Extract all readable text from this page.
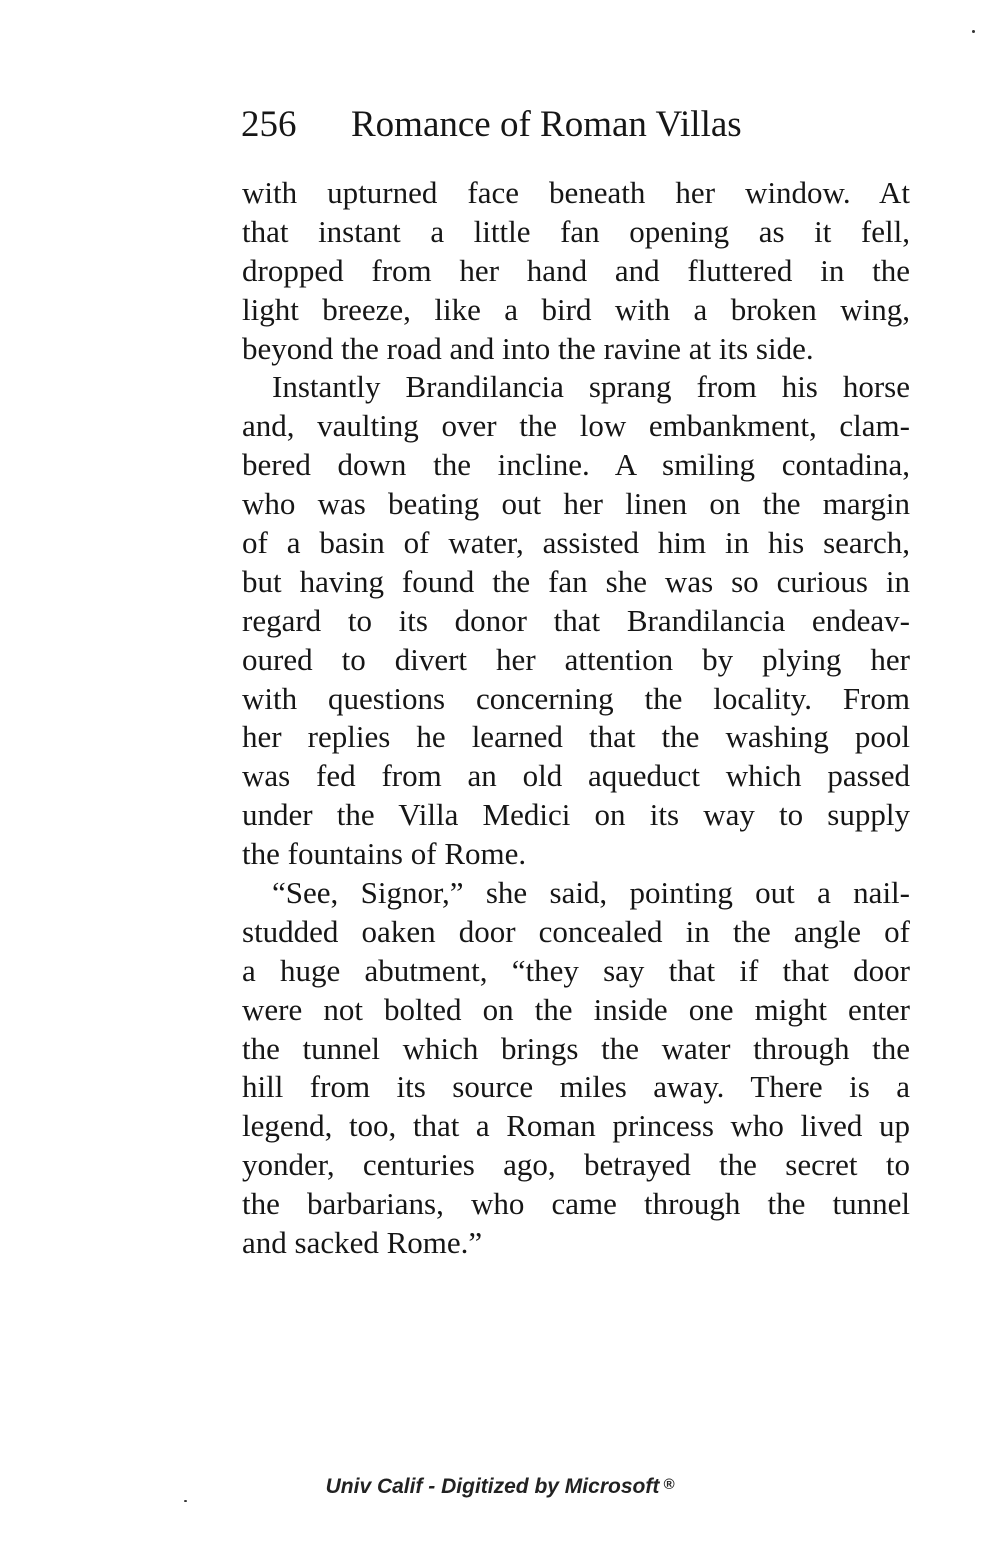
256 Romance of Roman Villas
with upturned face beneath her window. At
that instant a little fan opening as it fell,
dropped from her hand and fluttered in the
light breeze, like a bird with a broken wing,
beyond the road and into the ravine at its side.
Instantly Brandilancia sprang from his horse
and, vaulting over the low embankment, clam-
bered down the incline. A smiling contadina,
who was beating out her linen on the margin
of a basin of water, assisted him in his search,
but having found the fan she was so curious in
regard to its donor that Brandilancia endeav-
oured to divert her attention by plying her
with questions concerning the locality. From
her replies he learned that the washing pool
was fed from an old aqueduct which passed
under the Villa Medici on its way to supply
the fountains of Rome.
“See, Signor,” she said, pointing out a nail-
studded oaken door concealed in the angle of
a huge abutment, “they say that if that door
were not bolted on the inside one might enter
the tunnel which brings the water through the
hill from its source miles away. There is a
legend, too, that a Roman princess who lived up
yonder, centuries ago, betrayed the secret to
the barbarians, who came through the tunnel
and sacked Rome.”
Univ Calif - Digitized by Microsoft ®
